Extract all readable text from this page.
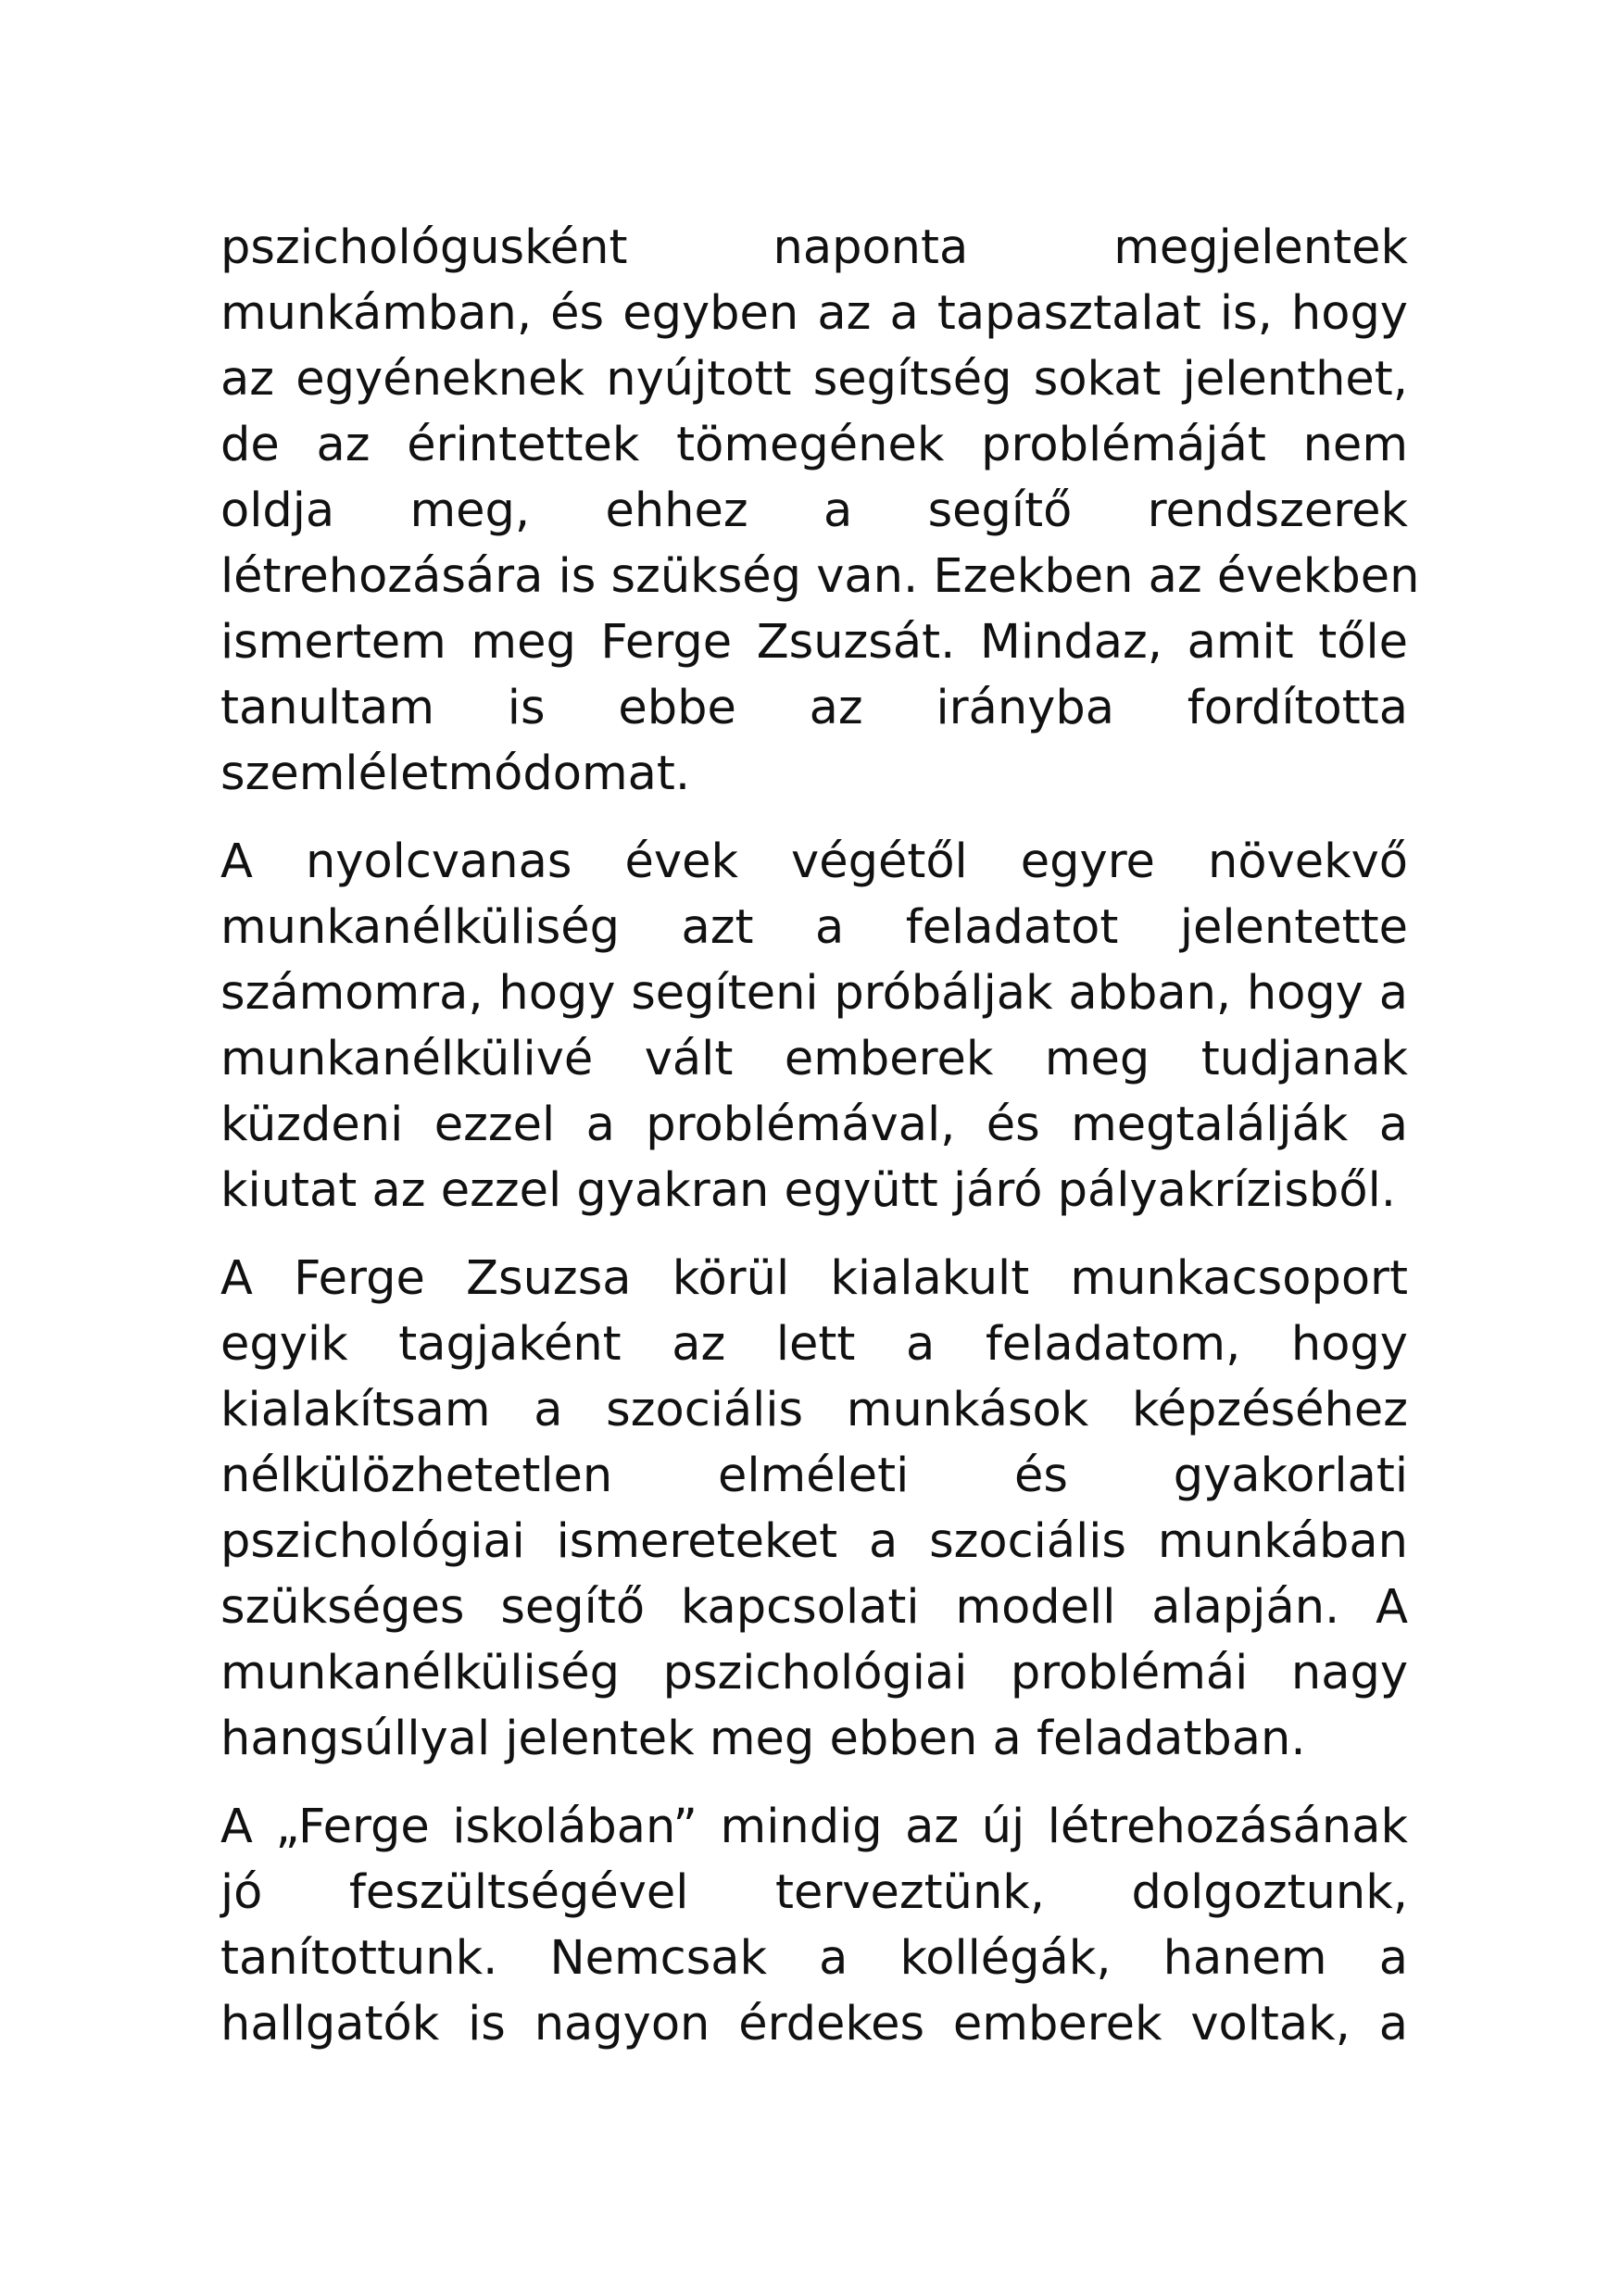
pszichológusként naponta megjelentek
munkámban, és egyben az a tapasztalat is, hogy
az egyéneknek nyújtott segítség sokat jelenthet,
de az érintettek tömegének problémáját nem
oldja meg, ehhez a segítő rendszerek
létrehozására is szükség van. Ezekben az években
ismertem meg Ferge Zsuzsát. Mindaz, amit tőle
tanultam is ebbe az irányba fordította
szemléletmódomat.
A nyolcvanas évek végétől egyre növekvő
munkanélküliség azt a feladatot jelentette
számomra, hogy segíteni próbáljak abban, hogy a
munkanélkülivé vált emberek meg tudjanak
küzdeni ezzel a problémával, és megtalálják a
kiutat az ezzel gyakran együtt járó pályakrízisből.
A Ferge Zsuzsa körül kialakult munkacsoport
egyik tagjaként az lett a feladatom, hogy
kialakítsam a szociális munkások képzéséhez
nélkülözhetetlen elméleti és gyakorlati
pszichológiai ismereteket a szociális munkában
szükséges segítő kapcsolati modell alapján. A
munkanélküliség pszichológiai problémái nagy
hangsúllyal jelentek meg ebben a feladatban.
A „Ferge iskolában” mindig az új létrehozásának
jó feszültségével terveztünk, dolgoztunk,
tanítottunk. Nemcsak a kollégák, hanem a
hallgatók is nagyon érdekes emberek voltak, a
